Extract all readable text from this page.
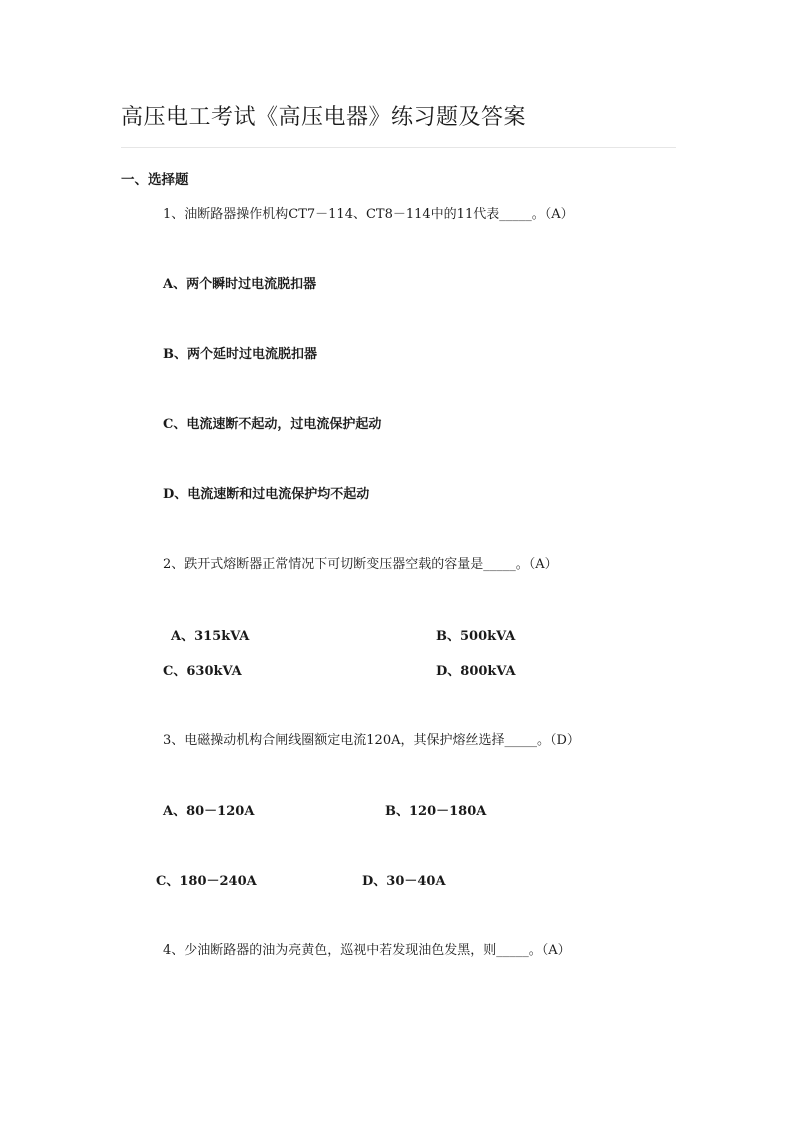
高压电工考试《高压电器》练习题及答案
一、选择题
1、油断路器操作机构CT7－114、CT8－114中的11代表_____。（A）
A、两个瞬时过电流脱扣器
B、两个延时过电流脱扣器
C、电流速断不起动，过电流保护起动
D、电流速断和过电流保护均不起动
2、跌开式熔断器正常情况下可切断变压器空载的容量是_____。（A）
A、315kVA	B、500kVA
C、630kVA	D、800kVA
3、电磁操动机构合闸线圈额定电流120A，其保护熔丝选择_____。（D）
A、80－120A	B、120－180A
C、180－240A	D、30－40A
4、少油断路器的油为亮黄色，巡视中若发现油色发黑，则_____。（A）
